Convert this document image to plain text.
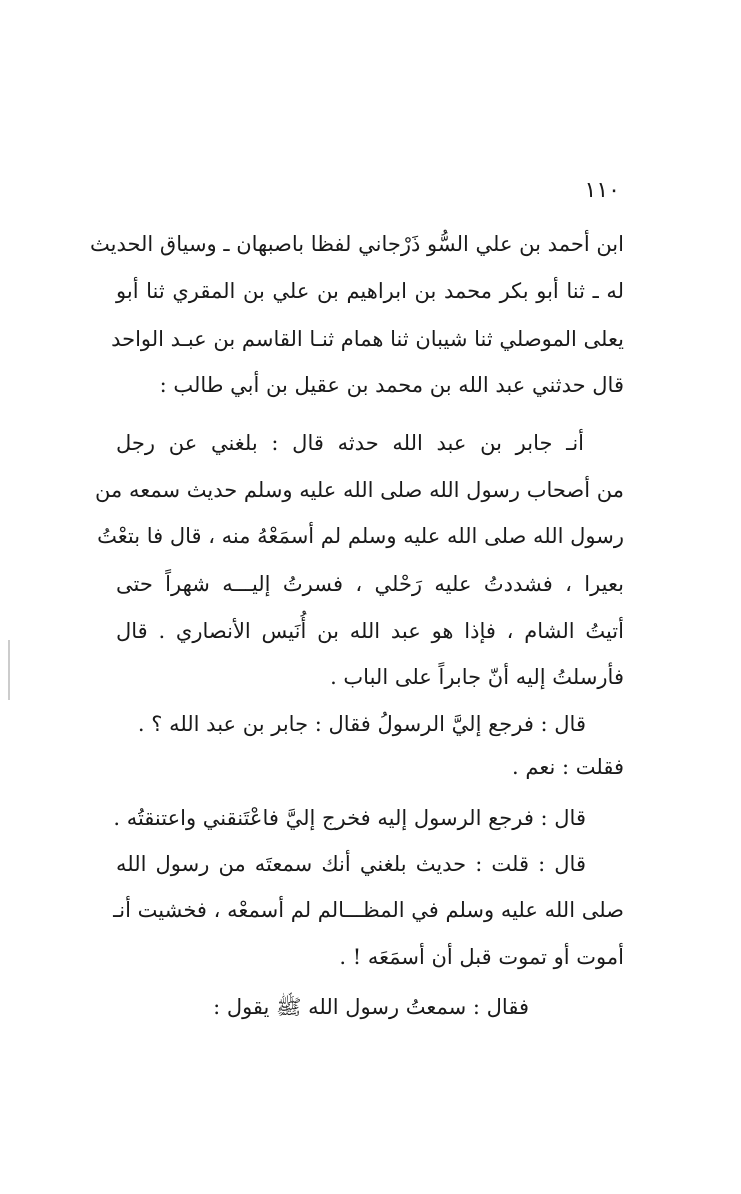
١١٠
ابن أحمد بن علي السُّو ذَرْجاني لفظا باصبهان ـ وسياق الحديث
له ـ ثنا أبو بكر محمد بن ابراهيم بن علي بن المقري ثنا أبو
يعلى الموصلي ثنا شيبان ثنا همام ثنـا القاسم بن عبـد الواحد
قال حدثني عبد الله بن محمد بن عقيل بن أبي طالب :
أنـ جابر بن عبد الله حدثه قال : بلغني عن رجل
من أصحاب رسول الله صلى الله عليه وسلم حديث سمعه من
رسول الله صلى الله عليه وسلم لم أسمَعْهُ منه ، قال فا بتعْتُ
بعيرا ، فشددتُ عليه رَحْلي ، فسرتُ إليـــه شهراً حتى
أتيتُ الشام ، فإذا هو عبد الله بن أُنَيس الأنصاري . قال
فأرسلتُ إليه أنّ جابراً على الباب .
قال : فرجع إليَّ الرسولُ فقال : جابر بن عبد الله ؟ .
فقلت : نعم .
قال : فرجع الرسول إليه فخرج إليَّ فاعْتَنقني واعتنقتُه .
قال : قلت : حديث بلغني أنك سمعتَه من رسول الله
صلى الله عليه وسلم في المظـــالم لم أسمعْه ، فخشيت أنـ
أموت أو تموت قبل أن أسمَعَه ! .
فقال : سمعتُ رسول الله ﷺ يقول :
